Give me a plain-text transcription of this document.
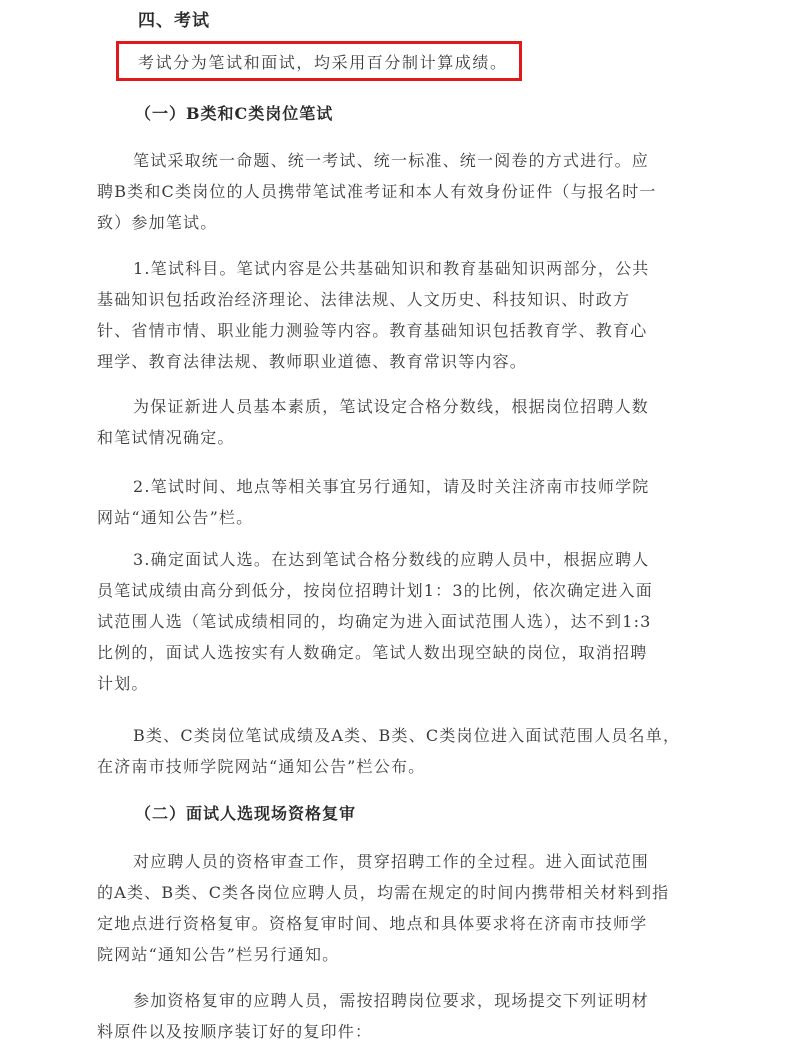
四、考试
考试分为笔试和面试，均采用百分制计算成绩。
（一）B类和C类岗位笔试
笔试采取统一命题、统一考试、统一标准、统一阅卷的方式进行。应
聘B类和C类岗位的人员携带笔试准考证和本人有效身份证件（与报名时一
致）参加笔试。
1.笔试科目。笔试内容是公共基础知识和教育基础知识两部分，公共
基础知识包括政治经济理论、法律法规、人文历史、科技知识、时政方
针、省情市情、职业能力测验等内容。教育基础知识包括教育学、教育心
理学、教育法律法规、教师职业道德、教育常识等内容。
为保证新进人员基本素质，笔试设定合格分数线，根据岗位招聘人数
和笔试情况确定。
2.笔试时间、地点等相关事宜另行通知，请及时关注济南市技师学院
网站“通知公告”栏。
3.确定面试人选。在达到笔试合格分数线的应聘人员中，根据应聘人
员笔试成绩由高分到低分，按岗位招聘计划1：3的比例，依次确定进入面
试范围人选（笔试成绩相同的，均确定为进入面试范围人选），达不到1:3
比例的，面试人选按实有人数确定。笔试人数出现空缺的岗位，取消招聘
计划。
B类、C类岗位笔试成绩及A类、B类、C类岗位进入面试范围人员名单，
在济南市技师学院网站“通知公告”栏公布。
（二）面试人选现场资格复审
对应聘人员的资格审查工作，贯穿招聘工作的全过程。进入面试范围
的A类、B类、C类各岗位应聘人员，均需在规定的时间内携带相关材料到指
定地点进行资格复审。资格复审时间、地点和具体要求将在济南市技师学
院网站“通知公告”栏另行通知。
参加资格复审的应聘人员，需按招聘岗位要求，现场提交下列证明材
料原件以及按顺序装订好的复印件：
